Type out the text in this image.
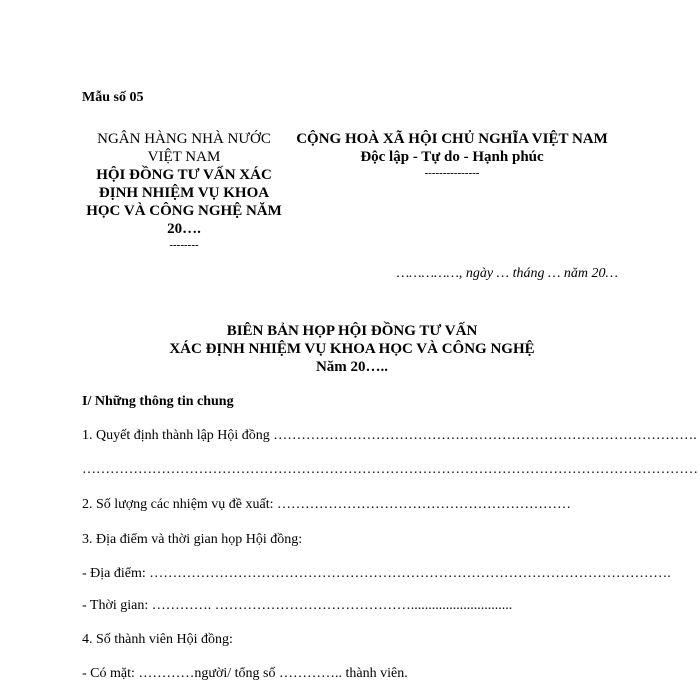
Mẫu số 05
NGÂN HÀNG NHÀ NƯỚC
VIỆT NAM
HỘI ĐỒNG TƯ VẤN XÁC
ĐỊNH NHIỆM VỤ KHOA
HỌC VÀ CÔNG NGHỆ NĂM
20….
--------
CỘNG HOÀ XÃ HỘI CHỦ NGHĨA VIỆT NAM
Độc lập - Tự do - Hạnh phúc
---------------
……………, ngày … tháng … năm 20…
BIÊN BẢN HỌP HỘI ĐỒNG TƯ VẤN
XÁC ĐỊNH NHIỆM VỤ KHOA HỌC VÀ CÔNG NGHỆ
Năm 20…..
I/ Những thông tin chung
1. Quyết định thành lập Hội đồng ……………………………………………………………………………….
……………………………………………………………………………………………………………………
2. Số lượng các nhiệm vụ đề xuất: ………………………………………………………
3. Địa điểm và thời gian họp Hội đồng:
- Địa điểm: ………………………………………………………………………………………………….
- Thời gian: …………. …………………………………….............................
4. Số thành viên Hội đồng:
- Có mặt: …………người/ tổng số ………….. thành viên.
